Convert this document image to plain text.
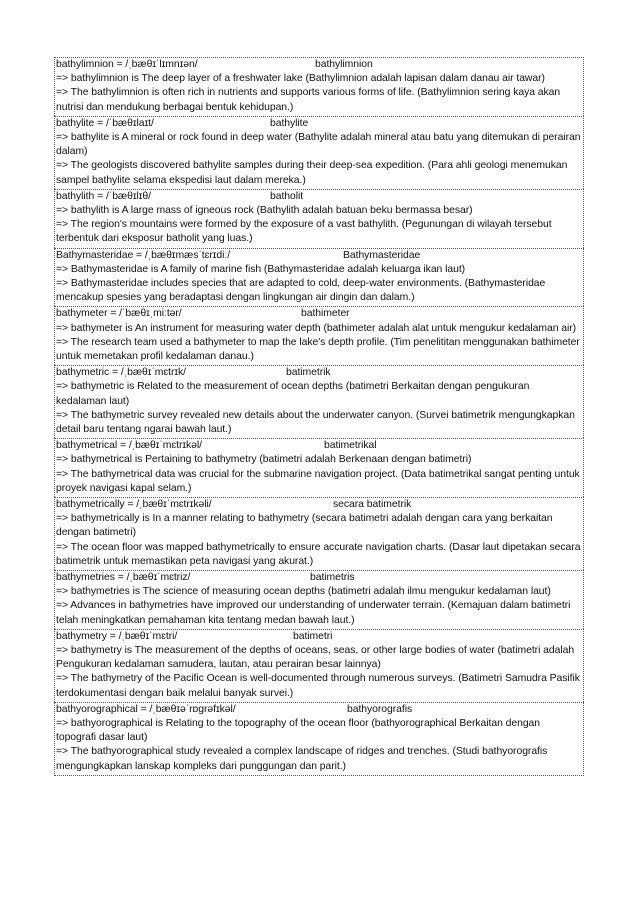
bathylimnion = /ˌbæθɪˈlɪmnɪən/	bathylimnion
=> bathylimnion is The deep layer of a freshwater lake (Bathylimnion adalah lapisan dalam danau air tawar)
=> The bathylimnion is often rich in nutrients and supports various forms of life. (Bathylimnion sering kaya akan nutrisi dan mendukung berbagai bentuk kehidupan.)
bathylite = /ˈbæθɪlaɪt/	bathylite
=> bathylite is A mineral or rock found in deep water (Bathylite adalah mineral atau batu yang ditemukan di perairan dalam)
=> The geologists discovered bathylite samples during their deep-sea expedition. (Para ahli geologi menemukan sampel bathylite selama ekspedisi laut dalam mereka.)
bathylith = /ˈbæθɪlɪθ/	batholit
=> bathylith is A large mass of igneous rock (Bathylith adalah batuan beku bermassa besar)
=> The region's mountains were formed by the exposure of a vast bathylith. (Pegunungan di wilayah tersebut terbentuk dari eksposur batholit yang luas.)
Bathymasteridae = /ˌbæθɪmæsˈtɛrɪdiː/	Bathymasteridae
=> Bathymasteridae is A family of marine fish (Bathymasteridae adalah keluarga ikan laut)
=> Bathymasteridae includes species that are adapted to cold, deep-water environments. (Bathymasteridae mencakup spesies yang beradaptasi dengan lingkungan air dingin dan dalam.)
bathymeter = /ˈbæθɪˌmiːtər/	bathimeter
=> bathymeter is An instrument for measuring water depth (bathimeter adalah alat untuk mengukur kedalaman air)
=> The research team used a bathymeter to map the lake's depth profile. (Tim penelititan menggunakan bathimeter untuk memetakan profil kedalaman danau.)
bathymetric = /ˌbæθɪˈmɛtrɪk/	batimetrik
=> bathymetric is Related to the measurement of ocean depths (batimetri Berkaitan dengan pengukuran kedalaman laut)
=> The bathymetric survey revealed new details about the underwater canyon. (Survei batimetrik mengungkapkan detail baru tentang ngarai bawah laut.)
bathymetrical = /ˌbæθɪˈmɛtrɪkəl/	batimetrikal
=> bathymetrical is Pertaining to bathymetry (batimetri adalah Berkenaan dengan batimetri)
=> The bathymetrical data was crucial for the submarine navigation project. (Data batimetrikal sangat penting untuk proyek navigasi kapal selam.)
bathymetrically = /ˌbæθɪˈmɛtrɪkəli/	secara batimetrik
=> bathymetrically is In a manner relating to bathymetry (secara batimetri adalah dengan cara yang berkaitan dengan batimetri)
=> The ocean floor was mapped bathymetrically to ensure accurate navigation charts. (Dasar laut dipetakan secara batimetrik untuk memastikan peta navigasi yang akurat.)
bathymetries = /ˌbæθɪˈmɛtriz/	batimetris
=> bathymetries is The science of measuring ocean depths (batimetri adalah ilmu mengukur kedalaman laut)
=> Advances in bathymetries have improved our understanding of underwater terrain. (Kemajuan dalam batimetri telah meningkatkan pemahaman kita tentang medan bawah laut.)
bathymetry = /ˌbæθɪˈmɛtri/	batimetri
=> bathymetry is The measurement of the depths of oceans, seas, or other large bodies of water (batimetri adalah Pengukuran kedalaman samudera, lautan, atau perairan besar lainnya)
=> The bathymetry of the Pacific Ocean is well-documented through numerous surveys. (Batimetri Samudra Pasifik terdokumentasi dengan baik melalui banyak survei.)
bathyorographical = /ˌbæθɪəˈrɒgrəfɪkəl/	bathyorografis
=> bathyorographical is Relating to the topography of the ocean floor (bathyorographical Berkaitan dengan topografi dasar laut)
=> The bathyorographical study revealed a complex landscape of ridges and trenches. (Studi bathyorografis mengungkapkan lanskap kompleks dari punggungan dan parit.)
